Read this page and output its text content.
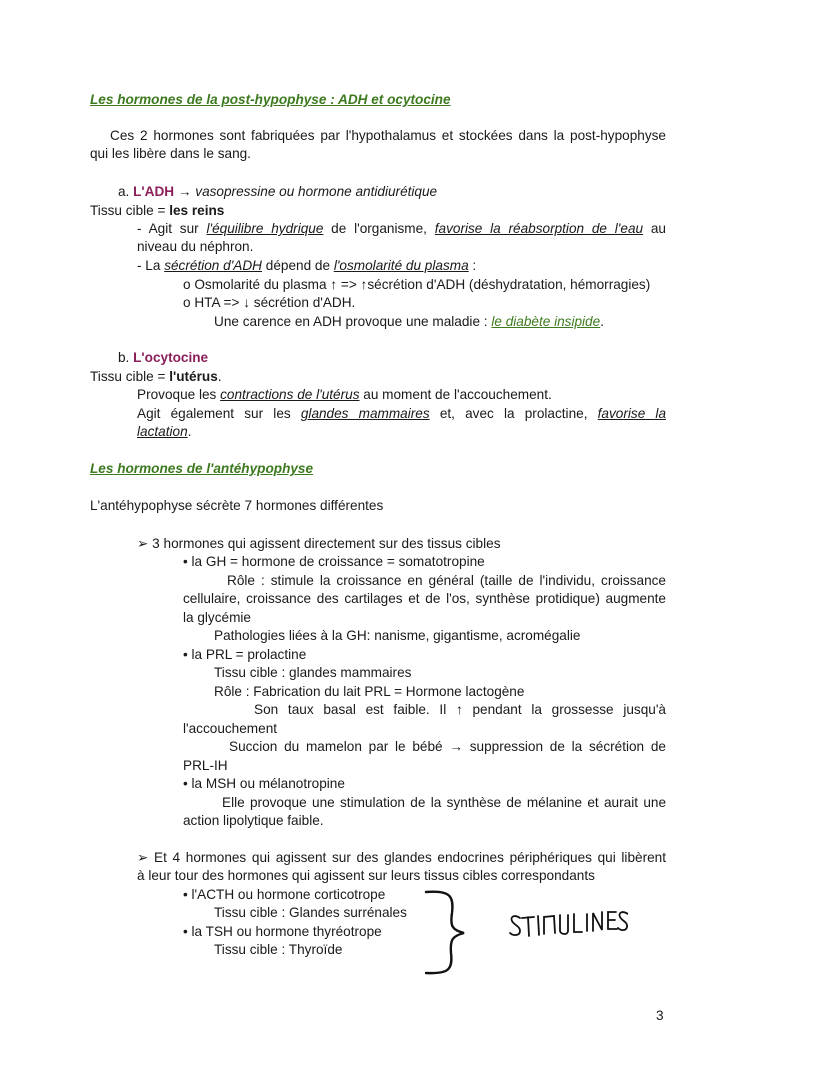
Les hormones de la post-hypophyse : ADH et ocytocine
Ces 2 hormones sont fabriquées par l'hypothalamus et stockées dans la post-hypophyse
qui les libère dans le sang.
a. L'ADH → vasopressine ou hormone antidiurétique
Tissu cible = les reins
- Agit sur l'équilibre hydrique de l'organisme, favorise la réabsorption de l'eau au
niveau du néphron.
- La sécrétion d'ADH dépend de l'osmolarité du plasma :
o Osmolarité du plasma ↑ => ↑sécrétion d'ADH (déshydratation, hémorragies)
o HTA => ↓ sécrétion d'ADH.
Une carence en ADH provoque une maladie : le diabète insipide.
b. L'ocytocine
Tissu cible = l'utérus.
Provoque les contractions de l'utérus au moment de l'accouchement.
Agit également sur les glandes mammaires et, avec la prolactine, favorise la
lactation.
Les hormones de l'antéhypophyse
L'antéhypophyse sécrète 7 hormones différentes
➢ 3 hormones qui agissent directement sur des tissus cibles
• la GH = hormone de croissance = somatotropine
Rôle : stimule la croissance en général (taille de l'individu, croissance
cellulaire, croissance des cartilages et de l'os, synthèse protidique) augmente
la glycémie
Pathologies liées à la GH: nanisme, gigantisme, acromégalie
• la PRL = prolactine
Tissu cible : glandes mammaires
Rôle : Fabrication du lait PRL = Hormone lactogène
Son taux basal est faible. Il ↑ pendant la grossesse jusqu'à
l'accouchement
Succion du mamelon par le bébé → suppression de la sécrétion de
PRL-IH
• la MSH ou mélanotropine
Elle provoque une stimulation de la synthèse de mélanine et aurait une
action lipolytique faible.
➢ Et 4 hormones qui agissent sur des glandes endocrines périphériques qui libèrent
à leur tour des hormones qui agissent sur leurs tissus cibles correspondants
• l'ACTH ou hormone corticotrope
Tissu cible : Glandes surrénales
• la TSH ou hormone thyréotrope
Tissu cible : Thyroïde
3
